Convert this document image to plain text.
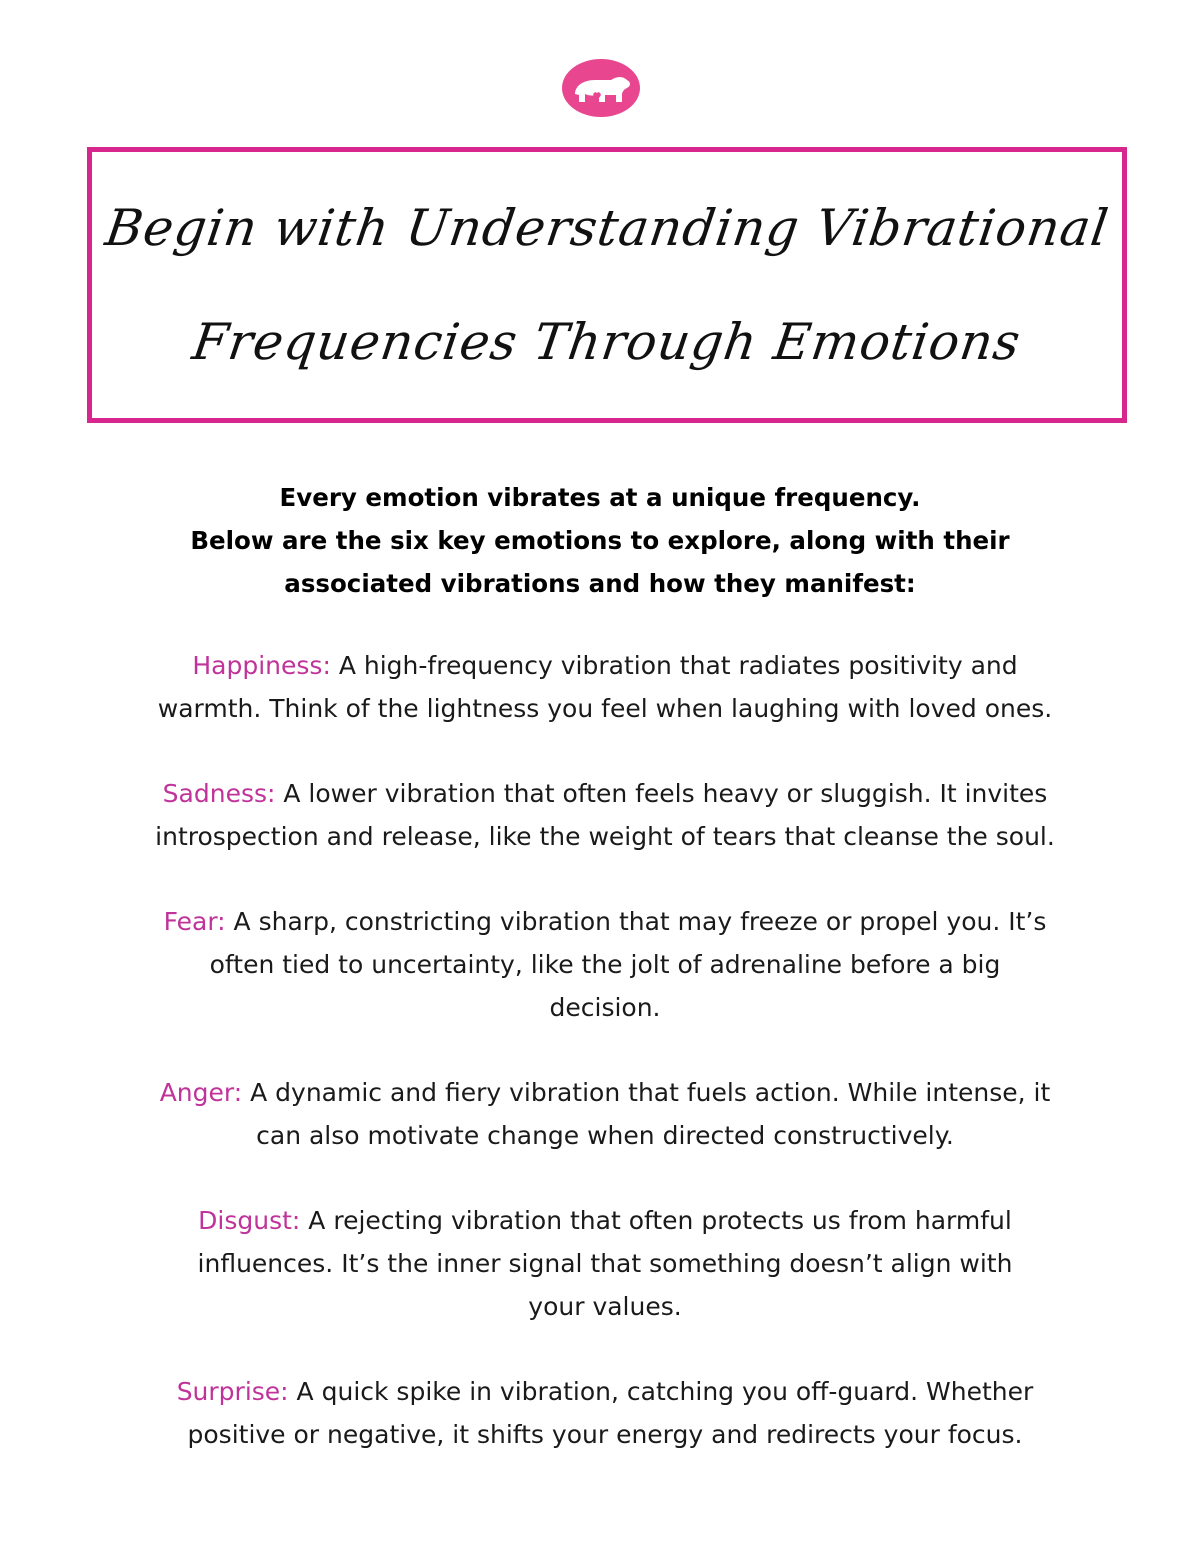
Begin with Understanding Vibrational
Frequencies Through Emotions
Every emotion vibrates at a unique frequency.
Below are the six key emotions to explore, along with their
associated vibrations and how they manifest:
Happiness: A high-frequency vibration that radiates positivity and
warmth. Think of the lightness you feel when laughing with loved ones.
Sadness: A lower vibration that often feels heavy or sluggish. It invites
introspection and release, like the weight of tears that cleanse the soul.
Fear: A sharp, constricting vibration that may freeze or propel you. It’s
often tied to uncertainty, like the jolt of adrenaline before a big
decision.
Anger: A dynamic and fiery vibration that fuels action. While intense, it
can also motivate change when directed constructively.
Disgust: A rejecting vibration that often protects us from harmful
influences. It’s the inner signal that something doesn’t align with
your values.
Surprise: A quick spike in vibration, catching you off-guard. Whether
positive or negative, it shifts your energy and redirects your focus.
